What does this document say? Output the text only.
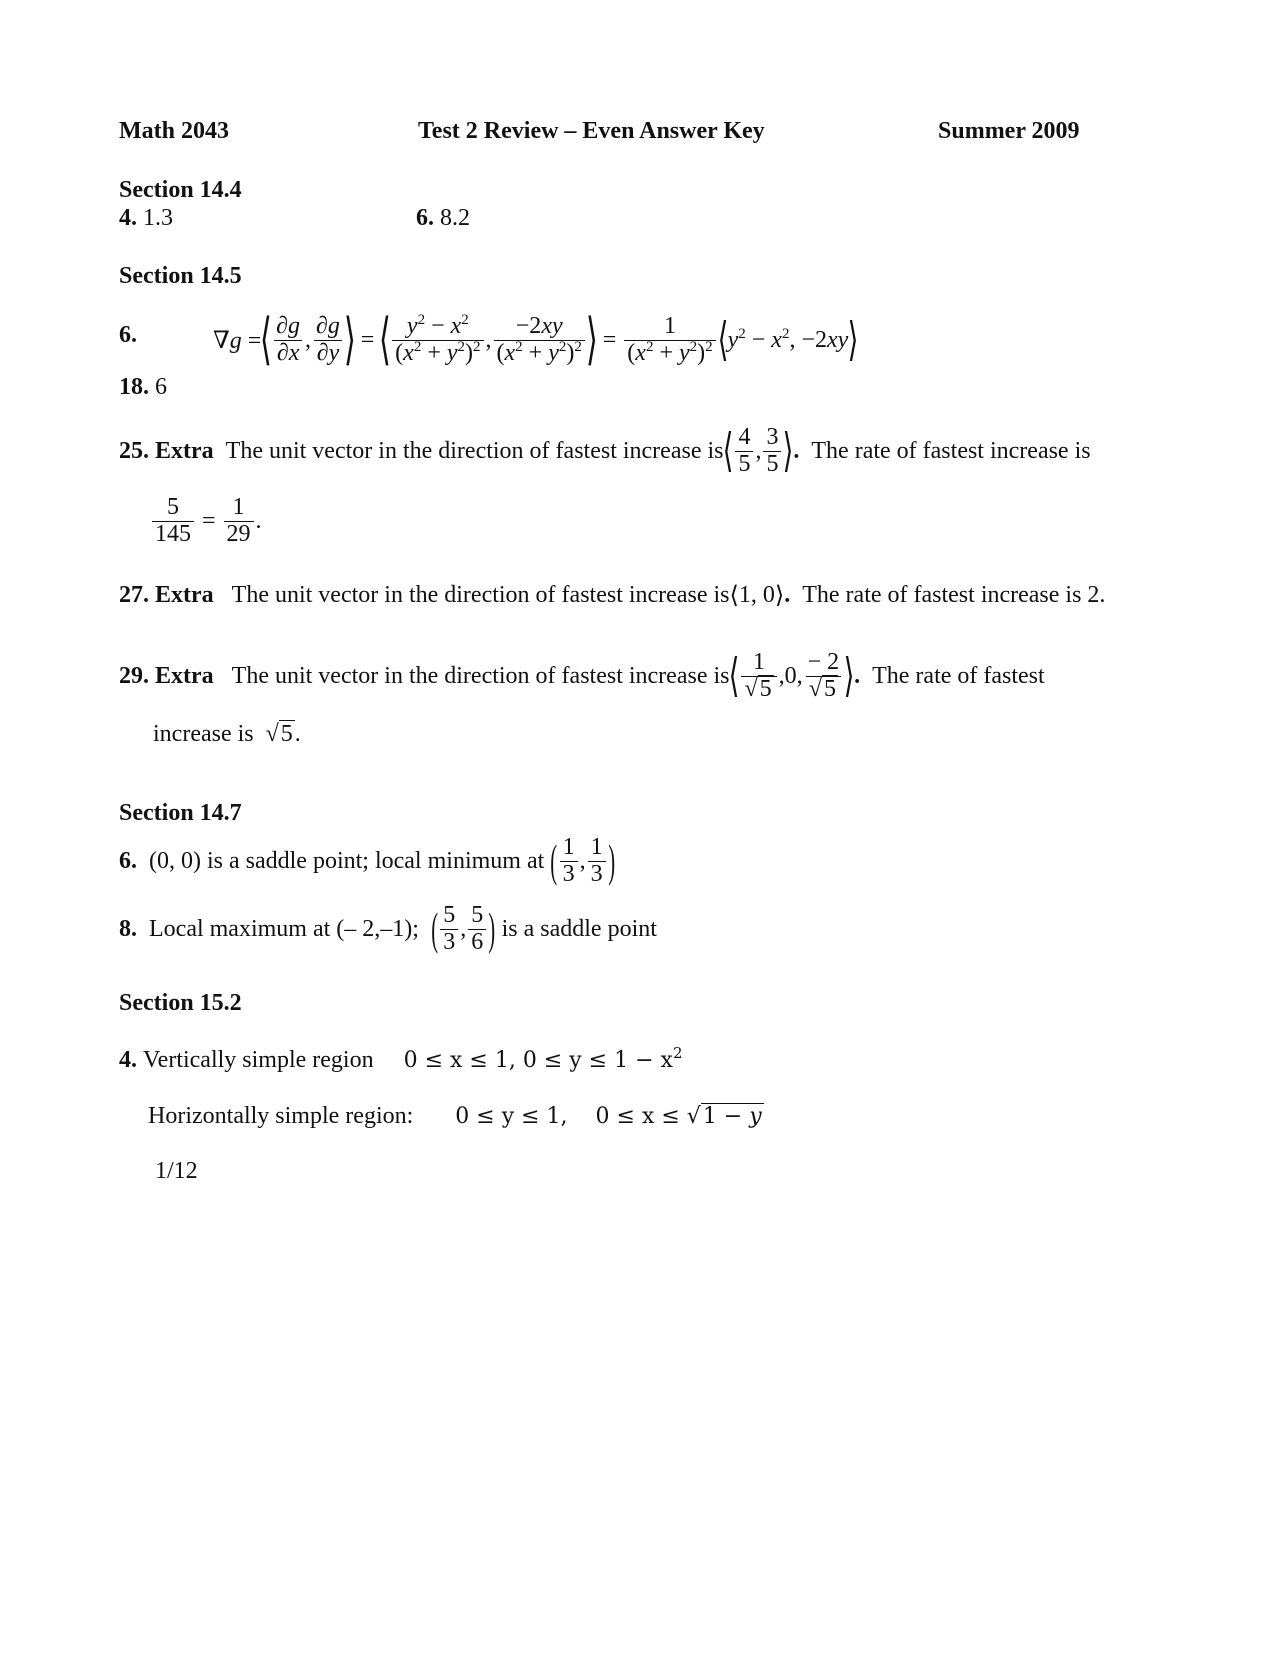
Math 2043	Test 2 Review – Even Answer Key	Summer 2009
Section 14.4
4. 1.3	6. 8.2
Section 14.5
6.	∇g =
⟨ $\frac{\partial g}{\partial x}$ , $\frac{\partial g}{\partial y}$ ⟩
=
⟨ $\frac{y^2 - x^2}{(x^2 + y^2)^2}$ , $\frac{-2xy}{(x^2 + y^2)^2}$ ⟩
= $\frac{1}{(x^2 + y^2)^2}$ ⟨ $y^2 - x^2$, −2xy ⟩
18. 6
25.
Extra
The unit vector in the direction of fastest increase is ⟨ $\frac{4}{5}$ , $\frac{3}{5}$ ⟩ .
The rate of fastest increase is
$\frac{5}{145} = \frac{1}{29}$ .
27.
Extra
The unit vector in the direction of fastest increase is ⟨ 1, 0 ⟩ .
The rate of fastest increase is 2.
29.
Extra
The unit vector in the direction of fastest increase is ⟨ $\frac{1}{√5} ,0$, $\frac{- 2}{√5}$ ⟩ .
The rate of fastest
increase is
√5.
Section 14.7
6.
(0, 0)
is a saddle point; local minimum at
( $\frac{1}{3}$ , $\frac{1}{3}$ )
8.
Local maximum at
(– 2,–1);
( $\frac{5}{3}$ , $\frac{5}{6}$ )
is a saddle point
Section 15.2
4.
Vertically simple region 0 ≤ x ≤ 1, $0 \le y \le 1 - x^2$
Horizontally simple region: 0 ≤ y ≤ 1, 0 ≤ x ≤ √1 − y
1/12
